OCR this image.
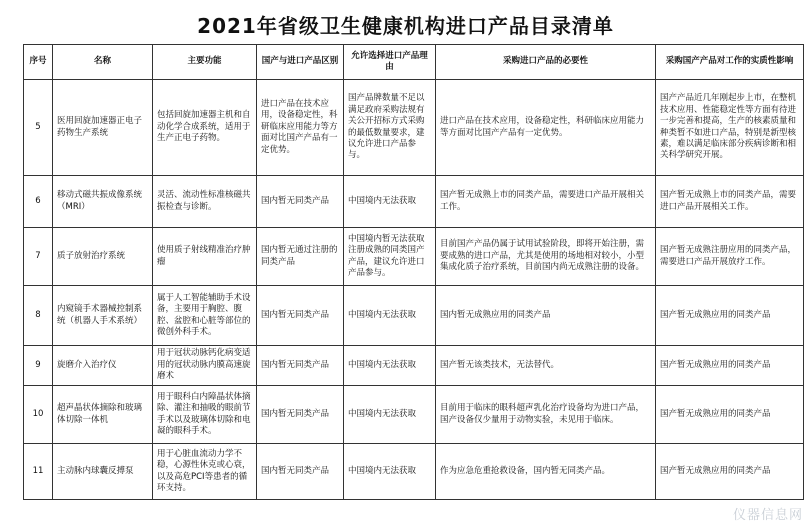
2021年省级卫生健康机构进口产品目录清单
序号	名称	主要功能	国产与进口产品区别	允许选择进口产品理由	采购进口产品的必要性	采购国产产品对工作的实质性影响
5	医用回旋加速器正电子药物生产系统	包括回旋加速器主机和自动化学合成系统，适用于生产正电子药物。	进口产品在技术应用，设备稳定性，科研临床应用能力等方面对比国产产品有一定优势。	国产品牌数量不足以满足政府采购法规有关公开招标方式采购的最低数量要求，建议允许进口产品参与。	进口产品在技术应用，设备稳定性，科研临床应用能力等方面对比国产产品有一定优势。	国产产品近几年刚起步上市，在整机技术应用、性能稳定性等方面有待进一步完善和提高，生产的核素质量和种类暂不如进口产品，特别是新型核素，难以满足临床部分疾病诊断和相关科学研究开展。
6	移动式磁共振成像系统（MRI）	灵活、流动性标准核磁共振检查与诊断。	国内暂无同类产品	中国境内无法获取	国产暂无成熟上市的同类产品，需要进口产品开展相关工作。	国产暂无成熟上市的同类产品，需要进口产品开展相关工作。
7	质子放射治疗系统	使用质子射线精准治疗肿瘤	国内暂无通过注册的同类产品	中国境内暂无法获取注册成熟的同类国产产品，建议允许进口产品参与。	目前国产产品仍属于试用试验阶段，即将开始注册，需要成熟的进口产品，尤其是使用的场地相对较小，小型集成化质子治疗系统，目前国内尚无成熟注册的设备。	国产暂无成熟注册应用的同类产品，需要进口产品开展放疗工作。
8	内窥镜手术器械控制系统（机器人手术系统）	属于人工智能辅助手术设备，主要用于胸腔、腹腔、盆腔和心脏等部位的微创外科手术。	国内暂无同类产品	中国境内无法获取	国内暂无成熟应用的同类产品	国产暂无成熟应用的同类产品
9	旋磨介入治疗仪	用于冠状动脉钙化病变适用的冠状动脉内膜高速旋磨术	国内暂无同类产品	中国境内无法获取	国产暂无该类技术，无法替代。	国产暂无成熟应用的同类产品
10	超声晶状体摘除和玻璃体切除一体机	用于眼科白内障晶状体摘除、灌注和抽吸的眼前节手术以及玻璃体切除和电凝的眼科手术。	国内暂无同类产品	中国境内无法获取	目前用于临床的眼科超声乳化治疗设备均为进口产品，国产设备仅少量用于动物实验，未见用于临床。	国产暂无成熟应用的同类产品
11	主动脉内球囊反搏泵	用于心脏血流动力学不稳，心源性休克或心衰，以及高危PCI等患者的循环支持。	国内暂无同类产品	中国境内无法获取	作为应急危重抢救设备，国内暂无同类产品。	国产暂无成熟应用的同类产品
仪器信息网
